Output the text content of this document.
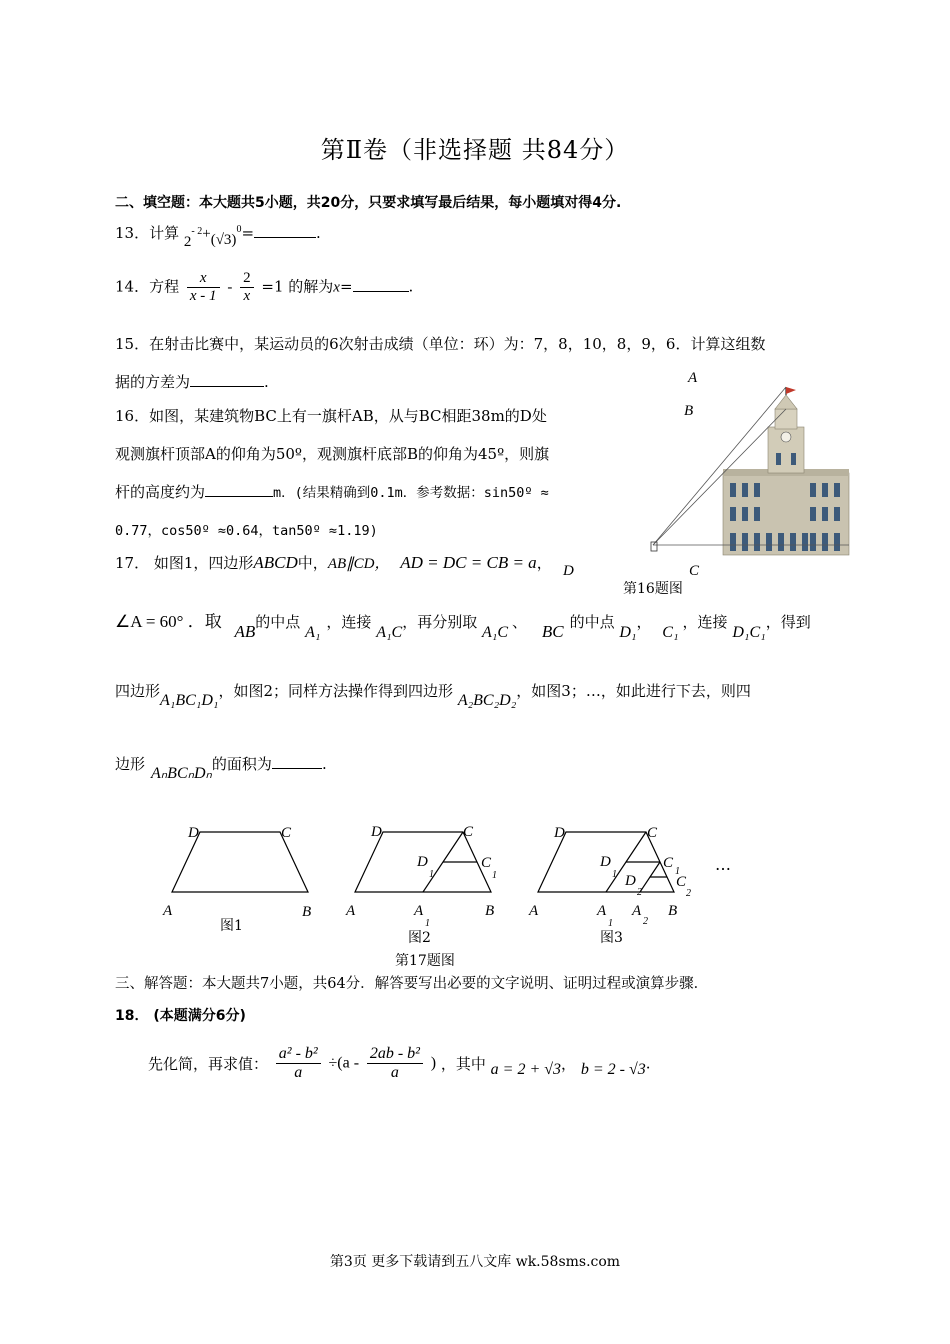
第Ⅱ卷（非选择题 共84分）
二、填空题：本大题共5小题，共20分，只要求填写最后结果，每小题填对得4分.
13．计算 $2^{- 2}+(√3)^0=$	.
14．方程 $\frac{x}{x - 1} - \frac{2}{x} =1$ 的解为x=	.
15．在射击比赛中，某运动员的6次射击成绩（单位：环）为：7，8，10，8，9，6．计算这组数
据的方差为	.
16．如图，某建筑物BC上有一旗杆AB，从与BC相距38m的D处
观测旗杆顶部A的仰角为50º，观测旗杆底部B的仰角为45º，则旗
杆的高度约为	m．(结果精确到0.1m．参考数据：sin50º ≈
0.77，cos50º ≈0.64，tan50º ≈1.19)
A
B
C
D
第16题图
17． 如图1，四边形ABCD中，AB∥CD， AD = DC = CB = a，
∠A = 60° ．取 AB的中点 A₁，连接 A₁C，再分别取 A₁C、 BC 的中点 D₁， C₁，连接 D₁C₁，得到
四边形A₁BC₁D₁，如图2；同样方法操作得到四边形 A₂BC₂D₂，如图3；…，如此进行下去，则四
边形AₙBCₙDₙ的面积为	.
D	C
A	B
图1
D	C
D
1
C
1
A	A
1
B
图2
D	C
D
1
C
1
D
2
C
2
A	A
1
A
2
B
图3
…
第17题图
三、解答题：本大题共7小题，共64分．解答要写出必要的文字说明、证明过程或演算步骤．
18． (本题满分6分)
先化简，再求值： $\frac{\text{a² - b²}}{a} \div(a - \frac{\text{2ab - b²}}{a}$ ) ，其中 a = 2 + √3， b = 2 - √3.
第3页 更多下载请到五八文库 wk.58sms.com
